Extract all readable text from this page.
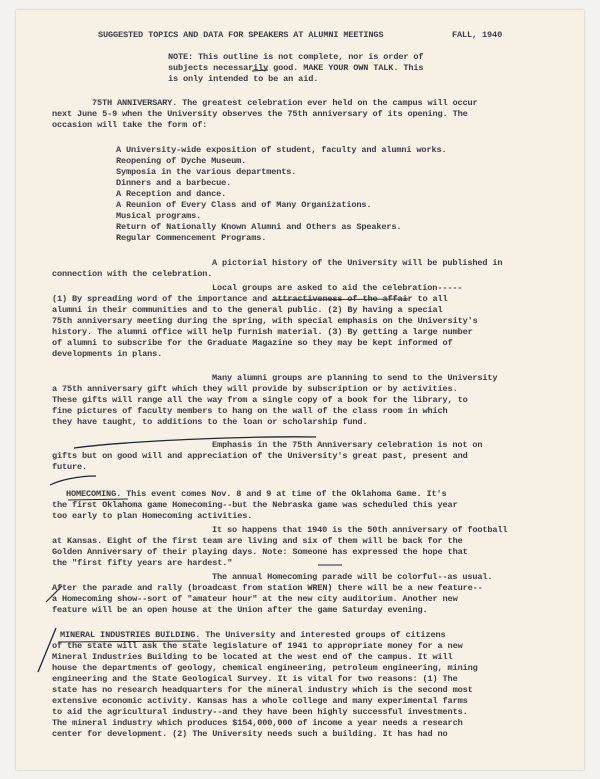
SUGGESTED TOPICS AND DATA FOR SPEAKERS AT ALUMNI MEETINGS	FALL, 1940
NOTE: This outline is not complete, nor is order of
subjects necessarily good. MAKE YOUR OWN TALK. This
is only intended to be an aid.
75TH ANNIVERSARY. The greatest celebration ever held on the campus will occur
next June 5-9 when the University observes the 75th anniversary of its opening. The
occasion will take the form of:
A University-wide exposition of student, faculty and alumni works.
Reopening of Dyche Museum.
Symposia in the various departments.
Dinners and a barbecue.
A Reception and dance.
A Reunion of Every Class and of Many Organizations.
Musical programs.
Return of Nationally Known Alumni and Others as Speakers.
Regular Commencement Programs.
A pictorial history of the University will be published in
connection with the celebration.
Local groups are asked to aid the celebration-----
(1) By spreading word of the importance and attractiveness of the affair to all
alumni in their communities and to the general public. (2) By having a special
75th anniversary meeting during the spring, with special emphasis on the University's
history. The alumni office will help furnish material. (3) By getting a large number
of alumni to subscribe for the Graduate Magazine so they may be kept informed of
developments in plans.
Many alumni groups are planning to send to the University
a 75th anniversary gift which they will provide by subscription or by activities.
These gifts will range all the way from a single copy of a book for the library, to
fine pictures of faculty members to hang on the wall of the class room in which
they have taught, to additions to the loan or scholarship fund.
Emphasis in the 75th Anniversary celebration is not on
gifts but on good will and appreciation of the University's great past, present and
future.
HOMECOMING. This event comes Nov. 8 and 9 at time of the Oklahoma Game. It's
the first Oklahoma game Homecoming--but the Nebraska game was scheduled this year
too early to plan Homecoming activities.
It so happens that 1940 is the 50th anniversary of football
at Kansas. Eight of the first team are living and six of them will be back for the
Golden Anniversary of their playing days. Note: Someone has expressed the hope that
the "first fifty years are hardest."
The annual Homecoming parade will be colorful--as usual.
After the parade and rally (broadcast from station WREN) there will be a new feature--
a Homecoming show--sort of "amateur hour" at the new city auditorium. Another new
feature will be an open house at the Union after the game Saturday evening.
MINERAL INDUSTRIES BUILDING. The University and interested groups of citizens
of the state will ask the state legislature of 1941 to appropriate money for a new
Mineral Industries Building to be located at the west end of the campus. It will
house the departments of geology, chemical engineering, petroleum engineering, mining
engineering and the State Geological Survey. It is vital for two reasons: (1) The
state has no research headquarters for the mineral industry which is the second most
extensive economic activity. Kansas has a whole college and many experimental farms
to aid the agricultural industry--and they have been highly successful investments.
The mineral industry which produces $154,000,000 of income a year needs a research
center for development. (2) The University needs such a building. It has had no
